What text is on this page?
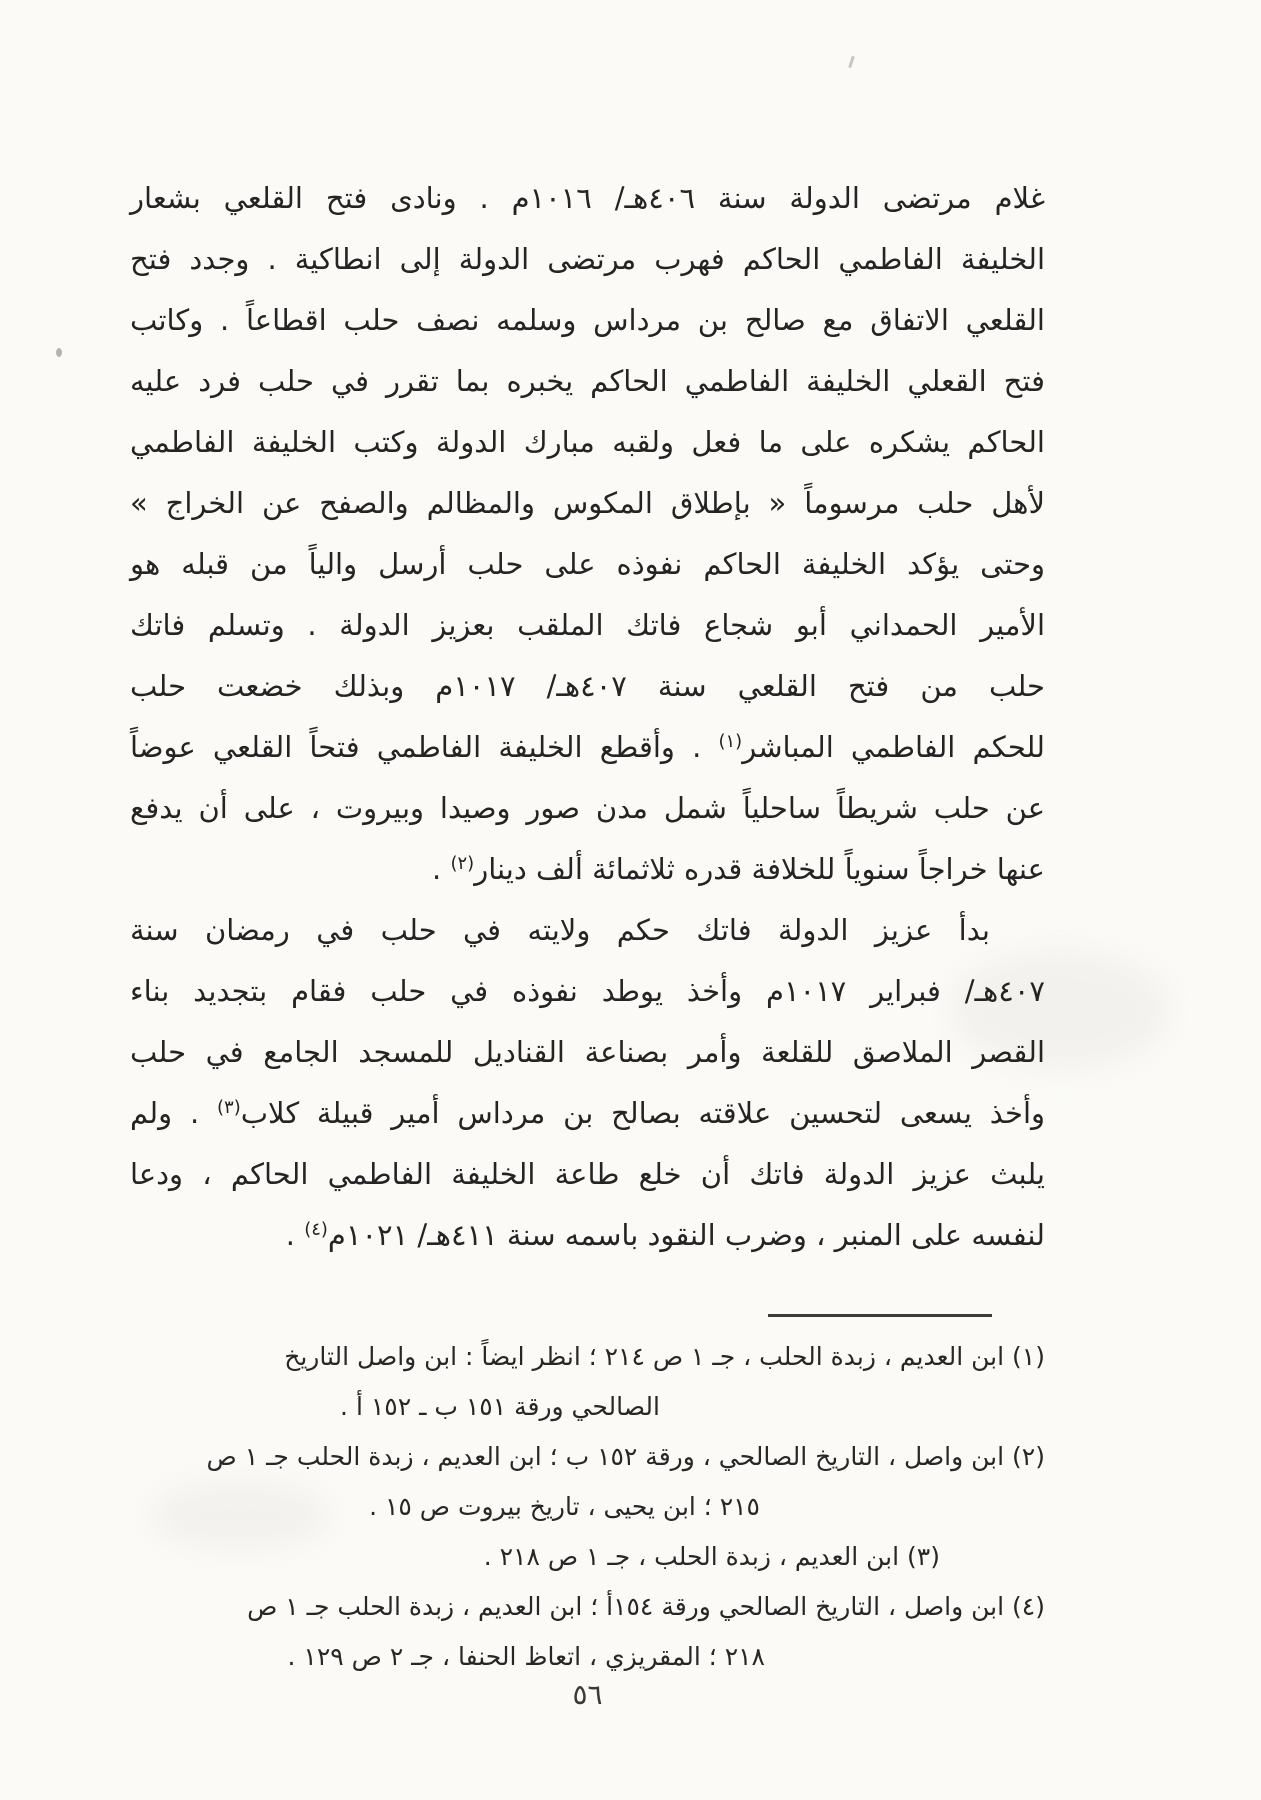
غلام مرتضى الدولة سنة ٤٠٦هـ/ ١٠١٦م . ونادى فتح القلعي بشعار
الخليفة الفاطمي الحاكم فهرب مرتضى الدولة إلى انطاكية . وجدد فتح
القلعي الاتفاق مع صالح بن مرداس وسلمه نصف حلب اقطاعاً . وكاتب
فتح القعلي الخليفة الفاطمي الحاكم يخبره بما تقرر في حلب فرد عليه
الحاكم يشكره على ما فعل ولقبه مبارك الدولة وكتب الخليفة الفاطمي
لأهل حلب مرسوماً « بإطلاق المكوس والمظالم والصفح عن الخراج »
وحتى يؤكد الخليفة الحاكم نفوذه على حلب أرسل والياً من قبله هو
الأمير الحمداني أبو شجاع فاتك الملقب بعزيز الدولة . وتسلم فاتك
حلب من فتح القلعي سنة ٤٠٧هـ/ ١٠١٧م وبذلك خضعت حلب
للحكم الفاطمي المباشر$^{(١)}$ . وأقطع الخليفة الفاطمي فتحاً القلعي عوضاً
عن حلب شريطاً ساحلياً شمل مدن صور وصيدا وبيروت ، على أن يدفع
عنها خراجاً سنوياً للخلافة قدره ثلاثمائة ألف دينار$^{(٢)}$ .
بدأ عزيز الدولة فاتك حكم ولايته في حلب في رمضان سنة
٤٠٧هـ/ فبراير ١٠١٧م وأخذ يوطد نفوذه في حلب فقام بتجديد بناء
القصر الملاصق للقلعة وأمر بصناعة القناديل للمسجد الجامع في حلب
وأخذ يسعى لتحسين علاقته بصالح بن مرداس أمير قبيلة كلاب$^{(٣)}$ . ولم
يلبث عزيز الدولة فاتك أن خلع طاعة الخليفة الفاطمي الحاكم ، ودعا
لنفسه على المنبر ، وضرب النقود باسمه سنة ٤١١هـ/ ١٠٢١م$^{(٤)}$ .
(١) ابن العديم ، زبدة الحلب ، جـ ١ ص ٢١٤ ؛ انظر ايضاً : ابن واصل التاريخ
الصالحي ورقة ١٥١ ب ـ ١٥٢ أ .
(٢) ابن واصل ، التاريخ الصالحي ، ورقة ١٥٢ ب ؛ ابن العديم ، زبدة الحلب جـ ١ ص
٢١٥ ؛ ابن يحيى ، تاريخ بيروت ص ١٥ .
(٣) ابن العديم ، زبدة الحلب ، جـ ١ ص ٢١٨ .
(٤) ابن واصل ، التاريخ الصالحي ورقة ١٥٤أ ؛ ابن العديم ، زبدة الحلب جـ ١ ص
٢١٨ ؛ المقريزي ، اتعاظ الحنفا ، جـ ٢ ص ١٢٩ .
٥٦
